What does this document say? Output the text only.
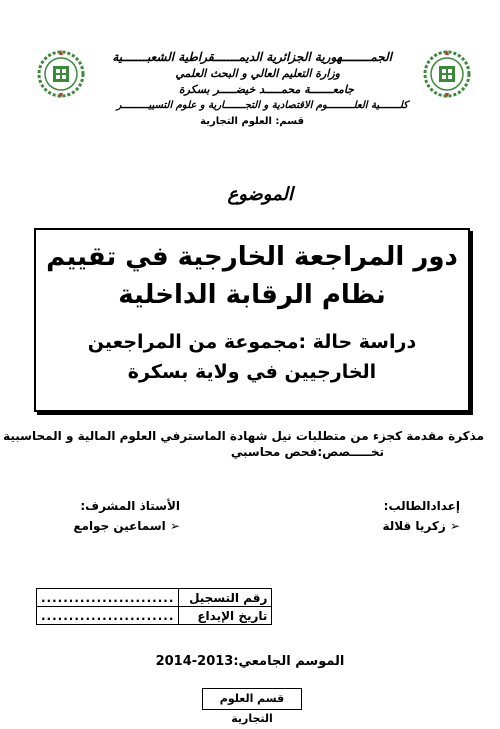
الجمــــــــهورية الجزائرية الديمـــــــقراطية الشعبـــــــية
وزارة التعليم العالي و البحث العلمي
جامعـــــــة محمـــــد خيضـــــر بسكرة
كلـــــــية العلـــــــــوم الاقتصادية و التجـــــــارية و علوم التسييـــــــــر
قسم: العلوم التجارية
الموضوع
دور المراجعة الخارجية في تقييم نظام الرقابة الداخلية
دراسة حالة :مجموعة من المراجعين الخارجيين في ولاية بسكرة
مذكرة مقدمة كجزء من متطلبات نيل شهادة الماسترفي العلوم المالية و المحاسبية
تخـــــصص:فحص محاسبي
إعدادالطالب:
➢ زكريا قلالة
الأستاذ المشرف:
➢ اسماعين جوامع
........................	رقم التسجيل
........................	تاريخ الإيداع
الموسم الجامعي:2013-2014
قسم العلوم التجارية
